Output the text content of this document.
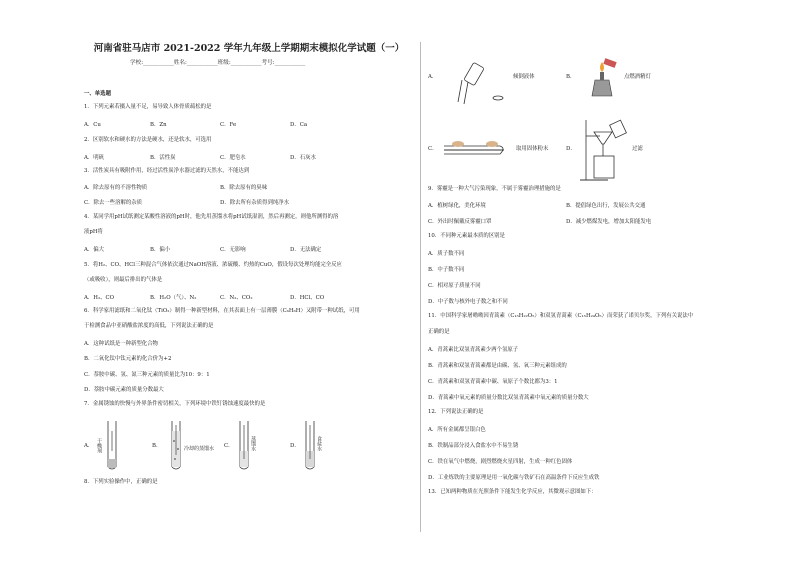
河南省驻马店市 2021-2022 学年九年级上学期期末模拟化学试题（一）
学校:___________姓名:___________班级:___________考号:___________
一、单选题
1．下列元素若摄入量不足，易导致人体骨质疏松的是
A．Cu	B．Zn	C．Fe	D．Ca
2．区别软水和硬水的方法是硬水，还是软水，可选用
A．明矾	B．活性炭	C．肥皂水	D．石灰水
3．活性炭具有吸附作用，经过活性炭净水器过滤的天然水，不能达到
A．除去原有的不溶性物质	B．除去原有的臭味
C．除去一些溶解的杂质	D．除去所有杂质得到纯净水
4．某同学用pH试纸测定某酸性溶液的pH时，他先用蒸馏水将pH试纸湿润，然后再测定，则他所测得的溶
液pH将
A．偏大	B．偏小	C．无影响	D．无法确定
5．将H₂、CO、HCl三种混合气体依次通过NaOH溶液、浓硫酸、灼热的CuO，假设每次处理均能完全反应
（或吸收），则最后排出的气体是
A．H₂、CO	B．H₂O（气）、N₂	C．N₂、CO₂	D．HCl、CO
6．科学家用滤纸和二氧化钛（TiO₂）制得一种新型材料，在其表面上有一层薄膜（C₆H₆H）又附带一种试纸，可用
于检测食品中亚硝酸盐浓度的高低，下列说法正确的是
A．这种试纸是一种新型化合物
B．二氧化钛中钛元素的化合价为+2
C．萘胺中碳、氢、氮三种元素的质量比为10：9：1
D．萘胺中碳元素的质量分数最大
7．金属锈蚀的快慢与外界条件密切相关，下列环境中铁钉锈蚀速度最快的是
A． 干燥剂	B．	冷却的蒸馏水 C．	蒸馏水	D．	食盐水
8．下列实验操作中，正确的是
A．	倾倒液体	B．	点燃酒精灯
C．	取用固体粉末	D．	过滤
9．雾霾是一种大气污染现象，不属于雾霾治理措施的是
A．植树绿化，美化环境	B．提倡绿色出行，发展公共交通
C．外出时佩戴反雾霾口罩	D．减少燃煤发电，增加太阳能发电
10．不同种元素最本质的区别是
A．质子数不同
B．中子数不同
C．相对原子质量不同
D．中子数与核外电子数之和不同
11．中国科学家屠呦呦因青蒿素（C₁₅H₂₂O₅）和双氢青蒿素（C₁₅H₂₄O₅）而荣获了诺贝尔奖，下列有关说法中
正确的是
A．青蒿素比双氢青蒿素少两个氢原子
B．青蒿素和双氢青蒿素都是由碳、氢、氧三种元素组成的
C．青蒿素和双氢青蒿素中碳、氧原子个数比都为3：1
D．青蒿素中氧元素的质量分数比双氢青蒿素中氧元素的质量分数大
12．下列说法正确的是
A．所有金属都呈银白色
B．铁制品部分浸入食盐水中不易生锈
C．铁在氧气中燃烧，剧烈燃烧火星四射，生成一种红色固体
D．工业炼铁的主要原理是用一氧化碳与铁矿石在高温条件下反应生成铁
13．已知两种物质在光照条件下能发生化学反应，其微观示意图如下：
